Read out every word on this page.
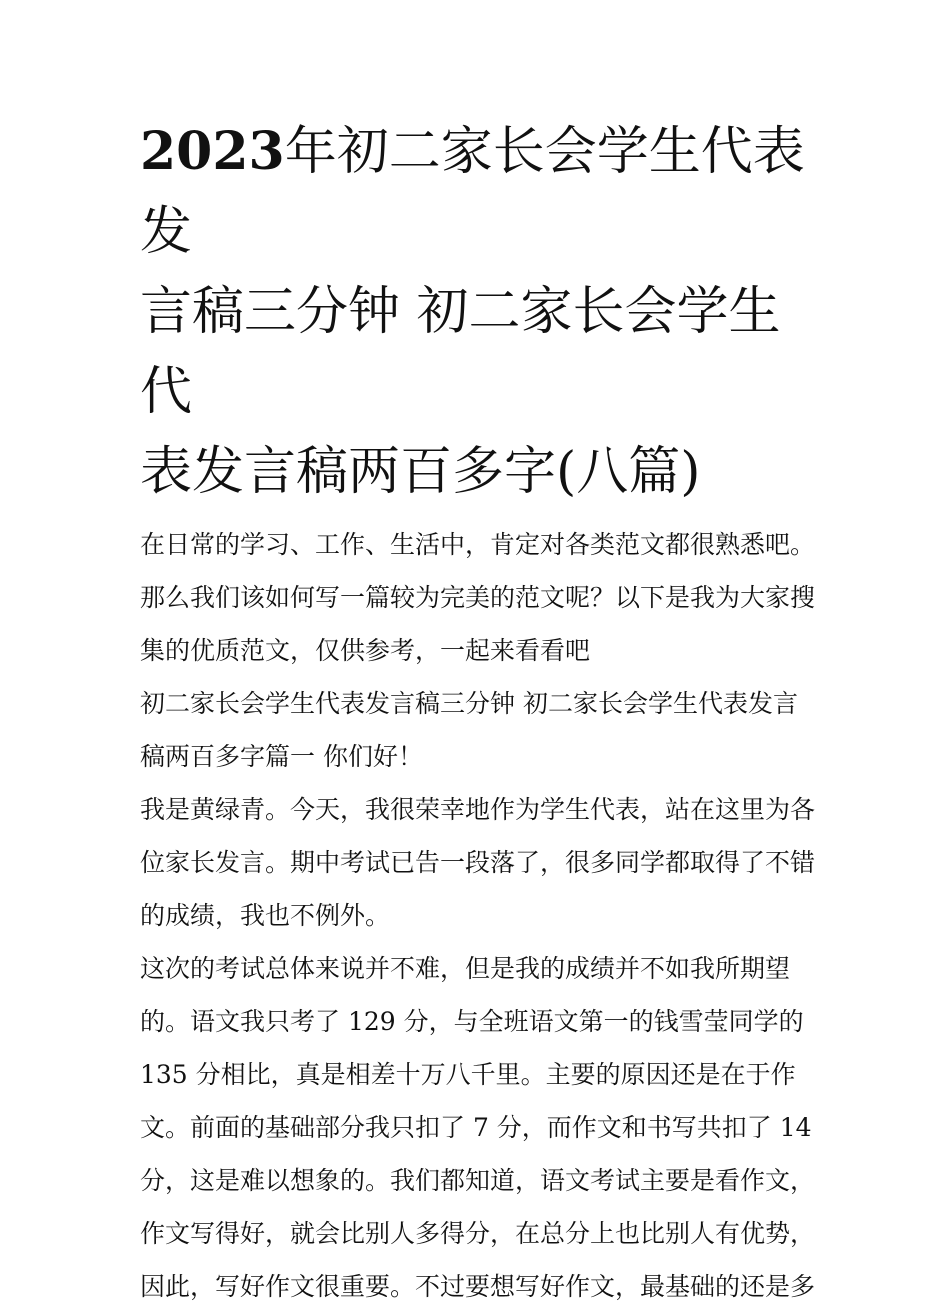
2023年初二家长会学生代表发
言稿三分钟 初二家长会学生代
表发言稿两百多字(八篇)
在日常的学习、工作、生活中，肯定对各类范文都很熟悉吧。
那么我们该如何写一篇较为完美的范文呢？以下是我为大家搜
集的优质范文，仅供参考，一起来看看吧
初二家长会学生代表发言稿三分钟 初二家长会学生代表发言
稿两百多字篇一 你们好！
我是黄绿青。今天，我很荣幸地作为学生代表，站在这里为各
位家长发言。期中考试已告一段落了，很多同学都取得了不错
的成绩，我也不例外。
这次的考试总体来说并不难，但是我的成绩并不如我所期望
的。语文我只考了 129 分，与全班语文第一的钱雪莹同学的
135 分相比，真是相差十万八千里。主要的原因还是在于作
文。前面的基础部分我只扣了 7 分，而作文和书写共扣了 14
分，这是难以想象的。我们都知道，语文考试主要是看作文，
作文写得好，就会比别人多得分，在总分上也比别人有优势，
因此，写好作文很重要。不过要想写好作文，最基础的还是多
